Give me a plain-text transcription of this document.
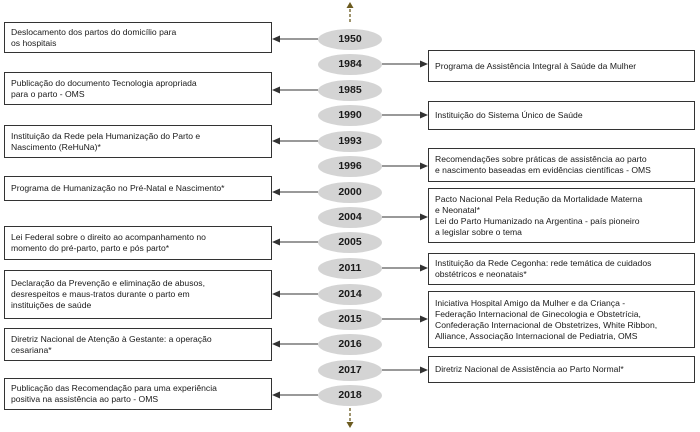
1950
1984
1985
1990
1993
1996
2000
2004
2005
2011
2014
2015
2016
2017
2018
Deslocamento dos partos do domicílio para
os hospitais
Publicação do documento Tecnologia apropriada
para o parto - OMS
Instituição da Rede pela Humanização do Parto e
Nascimento (ReHuNa)*
Programa de Humanização no Pré-Natal e Nascimento*
Lei Federal sobre o direito ao acompanhamento no
momento do pré-parto, parto e pós parto*
Declaração da Prevenção e eliminação de abusos,
desrespeitos e maus-tratos durante o parto em
instituições de saúde
Diretriz Nacional de Atenção à Gestante: a operação
cesariana*
Publicação das Recomendação para uma experiência
positiva na assistência ao parto - OMS
Programa de Assistência Integral à Saúde da Mulher
Instituição do Sistema Único de Saúde
Recomendações sobre práticas de assistência ao parto
e nascimento baseadas em evidências científicas - OMS
Pacto Nacional Pela Redução da Mortalidade Materna
e Neonatal*
Lei do Parto Humanizado na Argentina - país pioneiro
a legislar sobre o tema
Instituição da Rede Cegonha: rede temática de cuidados
obstétricos e neonatais*
Iniciativa Hospital Amigo da Mulher e da Criança -
Federação Internacional de Ginecologia e Obstetrícia,
Confederação Internacional de Obstetrizes, White Ribbon,
Alliance, Associação Internacional de Pediatria, OMS
Diretriz Nacional de Assistência ao Parto Normal*
